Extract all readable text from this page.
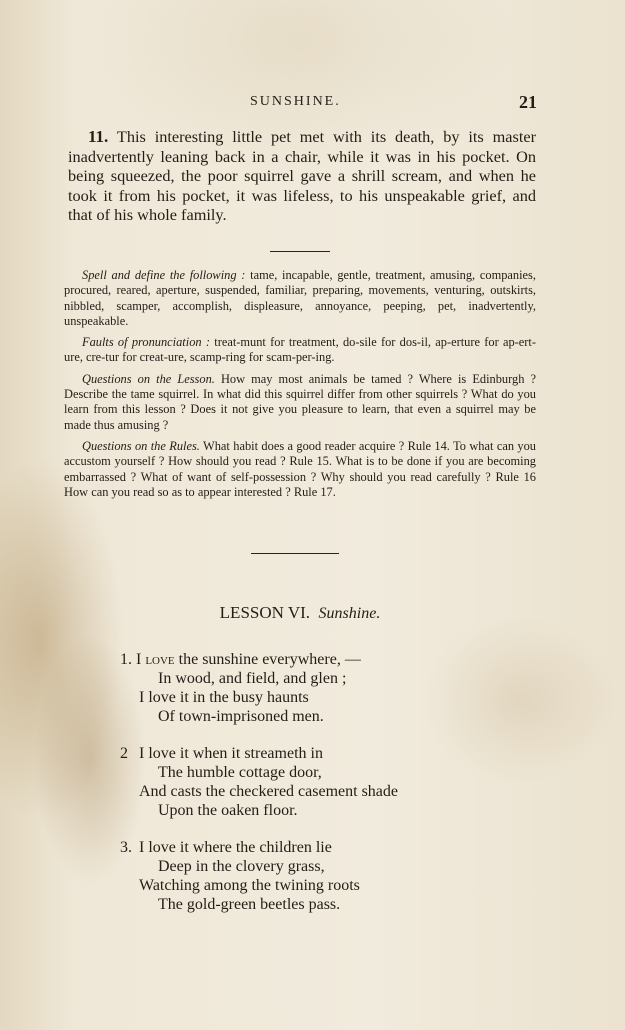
SUNSHINE.	21
11. This interesting little pet met with its death, by its master inadvertently leaning back in a chair, while it was in his pocket. On being squeezed, the poor squirrel gave a shrill scream, and when he took it from his pocket, it was lifeless, to his unspeakable grief, and that of his whole family.

Spell and define the following : tame, incapable, gentle, treatment, amusing, companies, procured, reared, aperture, suspended, familiar, preparing, movements, venturing, outskirts, nibbled, scamper, accomplish, displeasure, annoyance, peeping, pet, inadvertently, unspeakable.

Faults of pronunciation : treat-munt for treatment, do-sile for dos-il, ap-erture for ap-ert-ure, cre-tur for creat-ure, scamp-ring for scam-per-ing.

Questions on the Lesson. How may most animals be tamed ? Where is Edinburgh ? Describe the tame squirrel. In what did this squirrel differ from other squirrels ? What do you learn from this lesson ? Does it not give you pleasure to learn, that even a squirrel may be made thus amusing ?

Questions on the Rules. What habit does a good reader acquire ? Rule 14. To what can you accustom yourself ? How should you read ? Rule 15. What is to be done if you are becoming embarrassed ? What of want of self-possession ? Why should you read carefully ? Rule 16 How can you read so as to appear interested ? Rule 17.

LESSON VI. Sunshine.
1. I love the sunshine everywhere, —
In wood, and field, and glen ;
I love it in the busy haunts
Of town-imprisoned men.
2 I love it when it streameth in
The humble cottage door,
And casts the checkered casement shade
Upon the oaken floor.
3. I love it where the children lie
Deep in the clovery grass,
Watching among the twining roots
The gold-green beetles pass.
